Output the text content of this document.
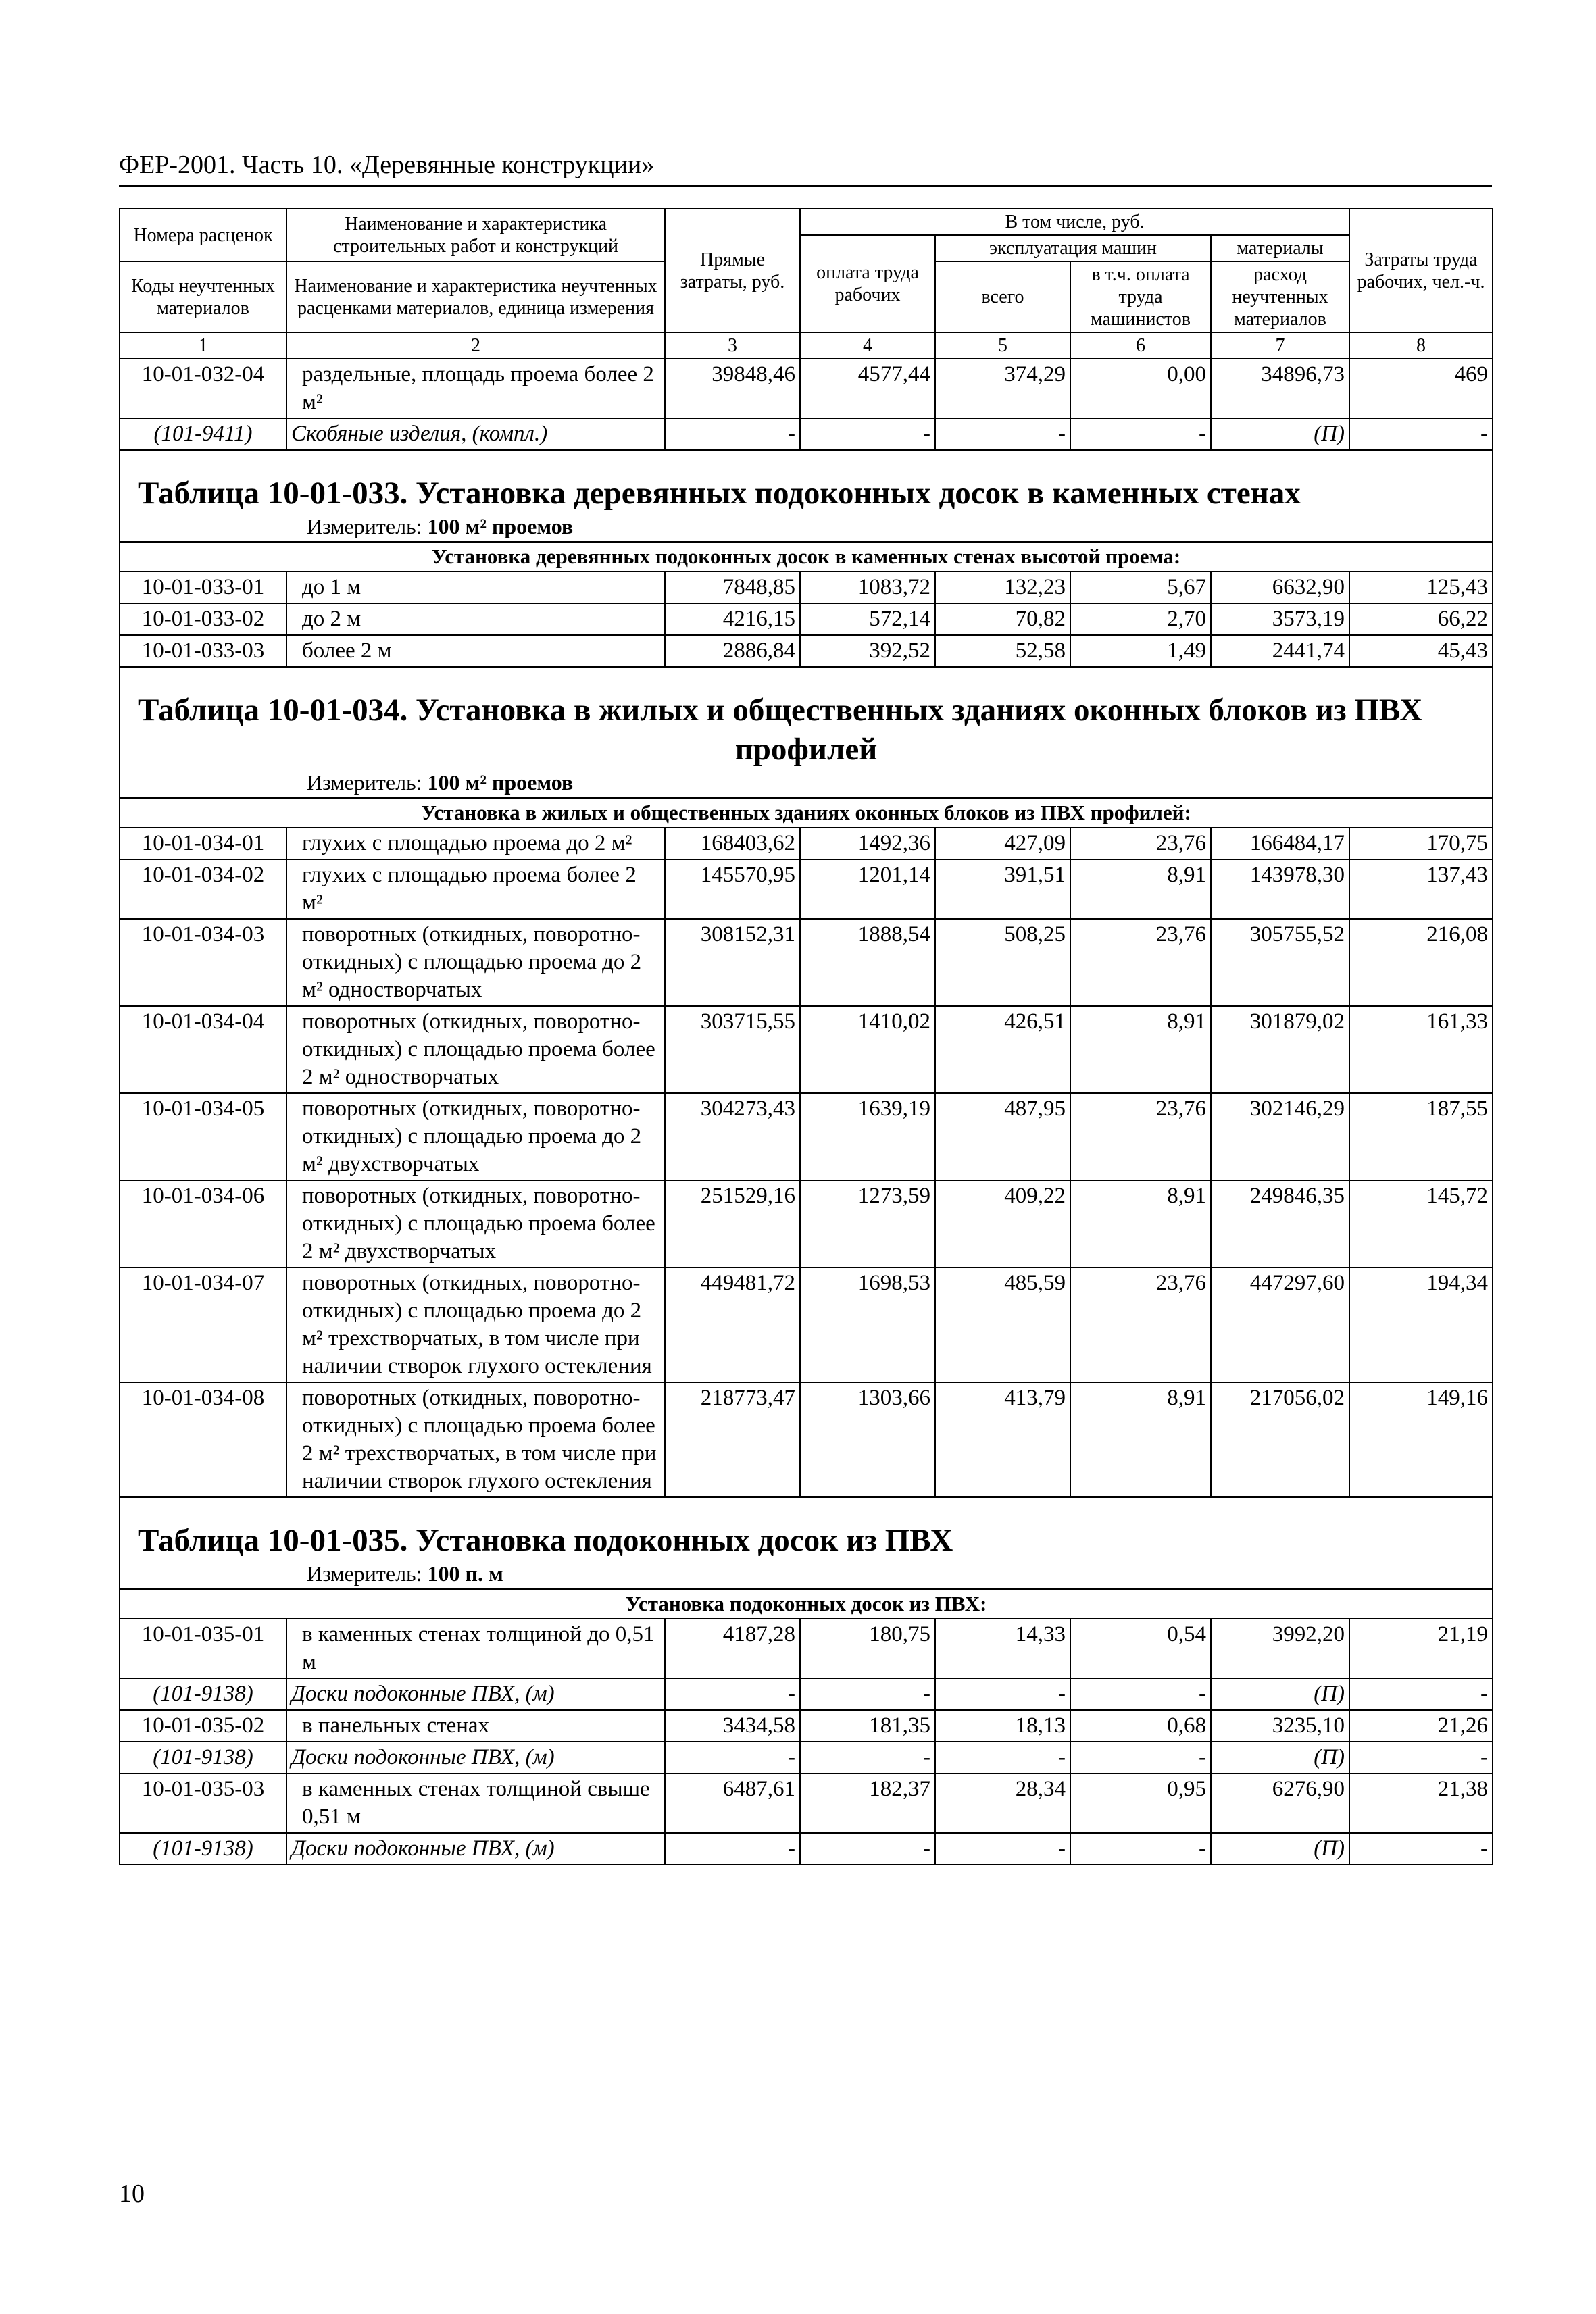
ФЕР-2001. Часть 10. «Деревянные конструкции»
Номера расценок	Наименование и характеристика строительных работ и конструкций	Прямые затраты, руб.	В том числе, руб.				Затраты труда рабочих, чел.-ч.
			оплата труда рабочих	эксплуатация машин		материалы	
Коды неучтенных материалов	Наименование и характеристика неучтенных расценками материалов, единица измерения			всего	в т.ч. оплата труда машинистов	расход неучтенных материалов	

1	2	3	4	5	6	7	8
10-01-032-04	раздельные, площадь проема более 2 м²	39848,46	4577,44	374,29	0,00	34896,73	469
(101-9411)	Скобяные изделия, (компл.)	-	-	-	-	(П)	-

Таблица 10-01-033. Установка деревянных подоконных досок в каменных стенах
Измеритель: 100 м² проемов							

Установка деревянных подоконных досок в каменных стенах высотой проема:							
10-01-033-01	до 1 м	7848,85	1083,72	132,23	5,67	6632,90	125,43
10-01-033-02	до 2 м	4216,15	572,14	70,82	2,70	3573,19	66,22
10-01-033-03	более 2 м	2886,84	392,52	52,58	1,49	2441,74	45,43

Таблица 10-01-034. Установка в жилых и общественных зданиях оконных блоков из ПВХ
профилей
Измеритель: 100 м² проемов							

Установка в жилых и общественных зданиях оконных блоков из ПВХ профилей:							
10-01-034-01	глухих с площадью проема до 2 м²	168403,62	1492,36	427,09	23,76	166484,17	170,75
10-01-034-02	глухих с площадью проема более 2 м²	145570,95	1201,14	391,51	8,91	143978,30	137,43
10-01-034-03	поворотных (откидных, поворотно-откидных) с площадью проема до 2 м² одностворчатых	308152,31	1888,54	508,25	23,76	305755,52	216,08
10-01-034-04	поворотных (откидных, поворотно-откидных) с площадью проема более 2 м² одностворчатых	303715,55	1410,02	426,51	8,91	301879,02	161,33
10-01-034-05	поворотных (откидных, поворотно-откидных) с площадью проема до 2 м² двухстворчатых	304273,43	1639,19	487,95	23,76	302146,29	187,55
10-01-034-06	поворотных (откидных, поворотно-откидных) с площадью проема более 2 м² двухстворчатых	251529,16	1273,59	409,22	8,91	249846,35	145,72
10-01-034-07	поворотных (откидных, поворотно-откидных) с площадью проема до 2 м² трехстворчатых, в том числе при наличии створок глухого остекления	449481,72	1698,53	485,59	23,76	447297,60	194,34
10-01-034-08	поворотных (откидных, поворотно-откидных) с площадью проема более 2 м² трехстворчатых, в том числе при наличии створок глухого остекления	218773,47	1303,66	413,79	8,91	217056,02	149,16

Таблица 10-01-035. Установка подоконных досок из ПВХ
Измеритель: 100 п. м							

Установка подоконных досок из ПВХ:							
10-01-035-01	в каменных стенах толщиной до 0,51 м	4187,28	180,75	14,33	0,54	3992,20	21,19
(101-9138)	Доски подоконные ПВХ, (м)	-	-	-	-	(П)	-
10-01-035-02	в панельных стенах	3434,58	181,35	18,13	0,68	3235,10	21,26
(101-9138)	Доски подоконные ПВХ, (м)	-	-	-	-	(П)	-
10-01-035-03	в каменных стенах толщиной свыше 0,51 м	6487,61	182,37	28,34	0,95	6276,90	21,38
(101-9138)	Доски подоконные ПВХ, (м)	-	-	-	-	(П)	-
10
